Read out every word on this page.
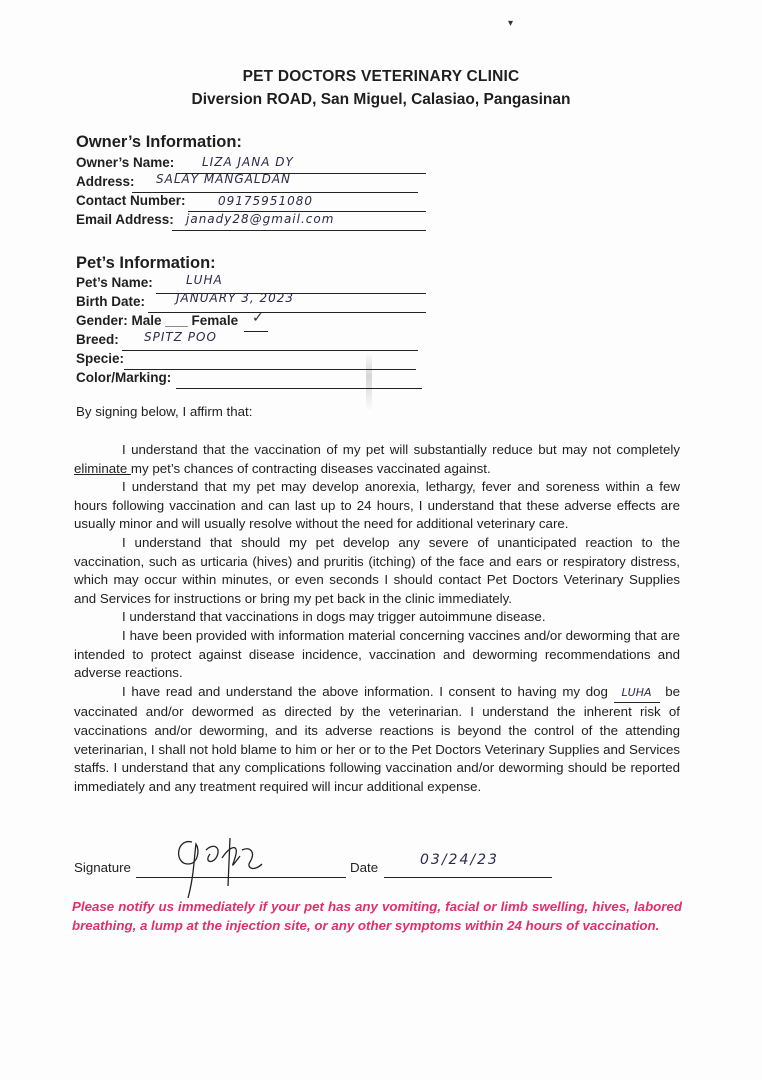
▾
PET DOCTORS VETERINARY CLINIC
Diversion ROAD, San Miguel, Calasiao, Pangasinan
Owner’s Information:
Owner’s Name: LIZA JANA DY
Address: SALAY MANGALDAN
Contact Number:	09175951080
Email Address: janady28@gmail.com
Pet’s Information:
Pet’s Name:	LUHA
Birth Date:	JANUARY 3, 2023
Gender: Male ___ Female ✓
Breed: SPITZ POO
Specie:
Color/Marking:
By signing below, I affirm that:

I understand that the vaccination of my pet will substantially reduce but may not completely eliminate my pet’s chances of contracting diseases vaccinated against.

I understand that my pet may develop anorexia, lethargy, fever and soreness within a few hours following vaccination and can last up to 24 hours, I understand that these adverse effects are usually minor and will usually resolve without the need for additional veterinary care.

I understand that should my pet develop any severe of unanticipated reaction to the vaccination, such as urticaria (hives) and pruritis (itching) of the face and ears or respiratory distress, which may occur within minutes, or even seconds I should contact Pet Doctors Veterinary Supplies and Services for instructions or bring my pet back in the clinic immediately.

I understand that vaccinations in dogs may trigger autoimmune disease.

I have been provided with information material concerning vaccines and/or deworming that are intended to protect against disease incidence, vaccination and deworming recommendations and adverse reactions.

I have read and understand the above information. I consent to having my dog LUHA be vaccinated and/or dewormed as directed by the veterinarian. I understand the inherent risk of vaccinations and/or deworming, and its adverse reactions is beyond the control of the attending veterinarian, I shall not hold blame to him or her or to the Pet Doctors Veterinary Supplies and Services staffs. I understand that any complications following vaccination and/or deworming should be reported immediately and any treatment required will incur additional expense.

Signature	Date	03/24/23
Please notify us immediately if your pet has any vomiting, facial or limb swelling, hives, labored breathing, a lump at the injection site, or any other symptoms within 24 hours of vaccination.
